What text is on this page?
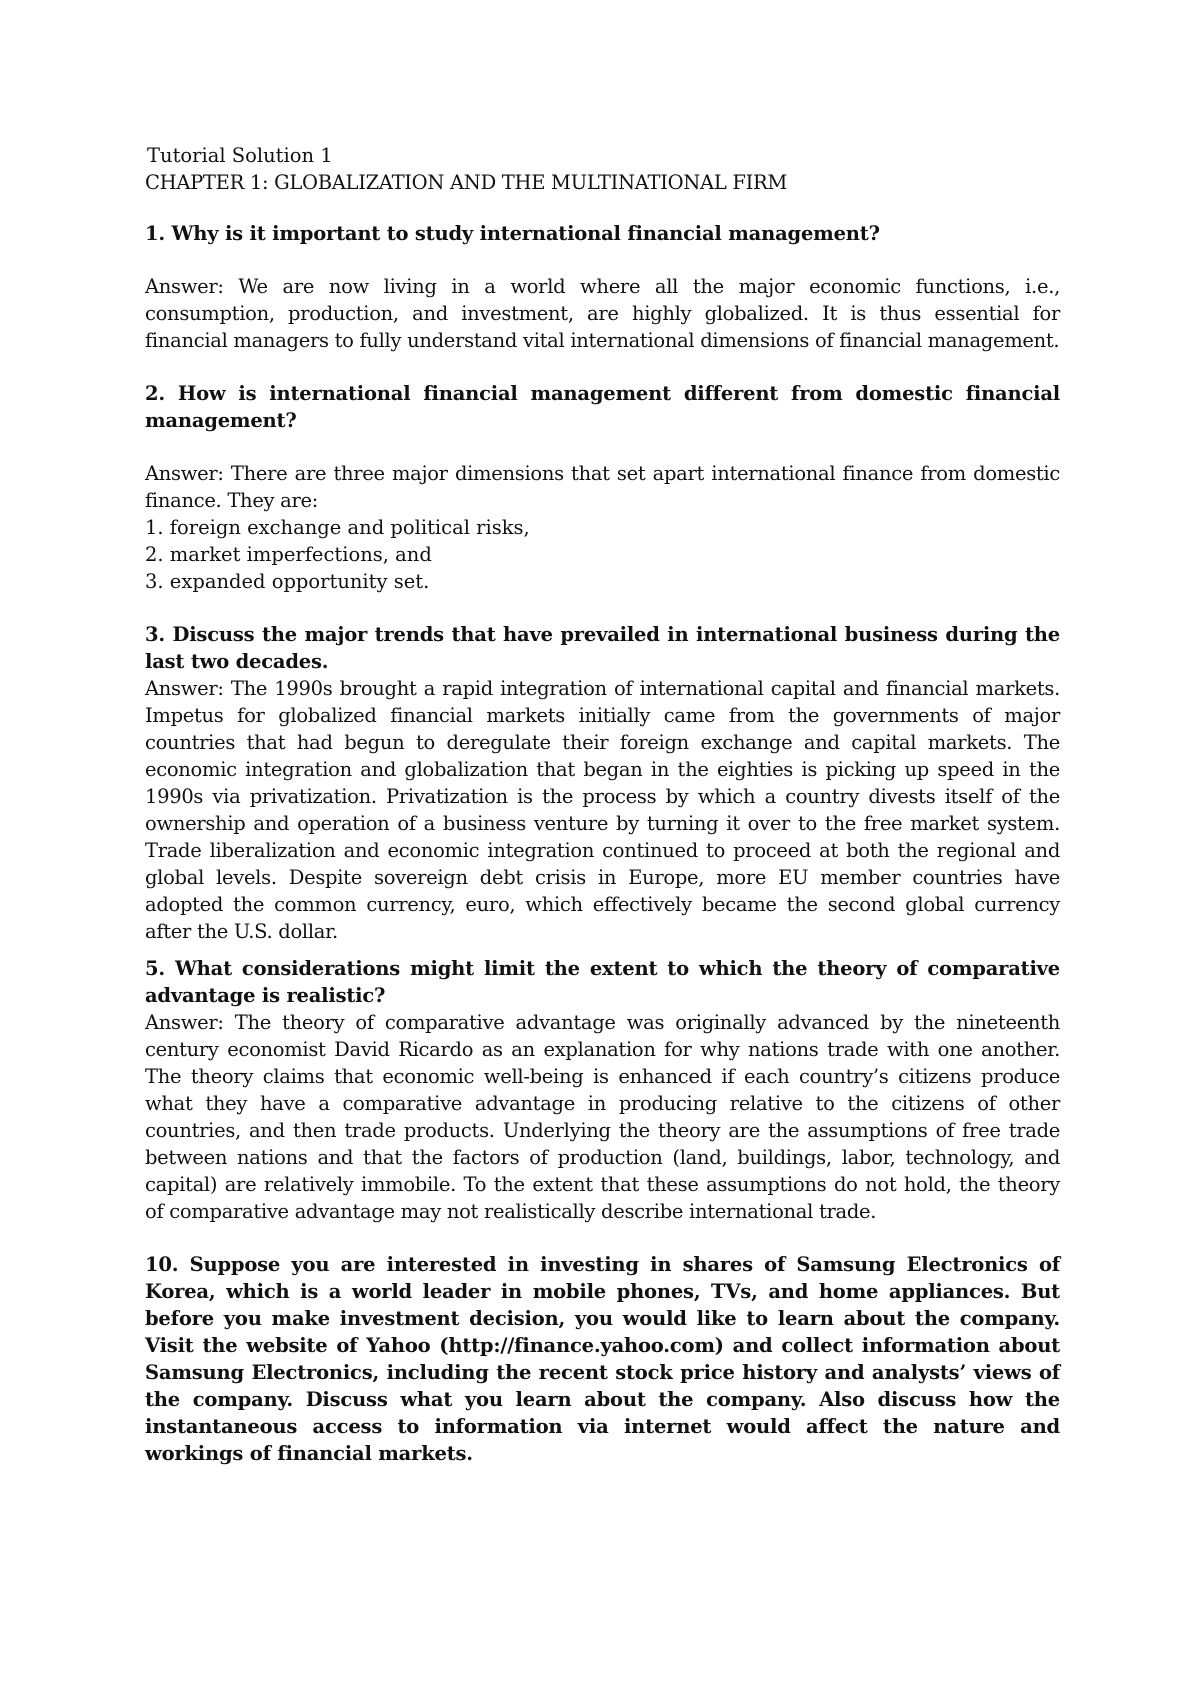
Tutorial Solution 1

CHAPTER 1: GLOBALIZATION AND THE MULTINATIONAL FIRM

1. Why is it important to study international financial management?

Answer: We are now living in a world where all the major economic functions, i.e., consumption, production, and investment, are highly globalized. It is thus essential for financial managers to fully understand vital international dimensions of financial management.

2. How is international financial management different from domestic financial management?

Answer: There are three major dimensions that set apart international finance from domestic finance. They are:

1. foreign exchange and political risks,
2. market imperfections, and
3. expanded opportunity set.

3. Discuss the major trends that have prevailed in international business during the last two decades.

Answer: The 1990s brought a rapid integration of international capital and financial markets. Impetus for globalized financial markets initially came from the governments of major countries that had begun to deregulate their foreign exchange and capital markets. The economic integration and globalization that began in the eighties is picking up speed in the 1990s via privatization. Privatization is the process by which a country divests itself of the ownership and operation of a business venture by turning it over to the free market system. Trade liberalization and economic integration continued to proceed at both the regional and global levels. Despite sovereign debt crisis in Europe, more EU member countries have adopted the common currency, euro, which effectively became the second global currency after the U.S. dollar.

5. What considerations might limit the extent to which the theory of comparative advantage is realistic?

Answer: The theory of comparative advantage was originally advanced by the nineteenth century economist David Ricardo as an explanation for why nations trade with one another. The theory claims that economic well-being is enhanced if each country’s citizens produce what they have a comparative advantage in producing relative to the citizens of other countries, and then trade products. Underlying the theory are the assumptions of free trade between nations and that the factors of production (land, buildings, labor, technology, and capital) are relatively immobile. To the extent that these assumptions do not hold, the theory of comparative advantage may not realistically describe international trade.

10. Suppose you are interested in investing in shares of Samsung Electronics of Korea, which is a world leader in mobile phones, TVs, and home appliances. But before you make investment decision, you would like to learn about the company. Visit the website of Yahoo (http://finance.yahoo.com) and collect information about Samsung Electronics, including the recent stock price history and analysts’ views of the company. Discuss what you learn about the company. Also discuss how the instantaneous access to information via internet would affect the nature and workings of financial markets.
